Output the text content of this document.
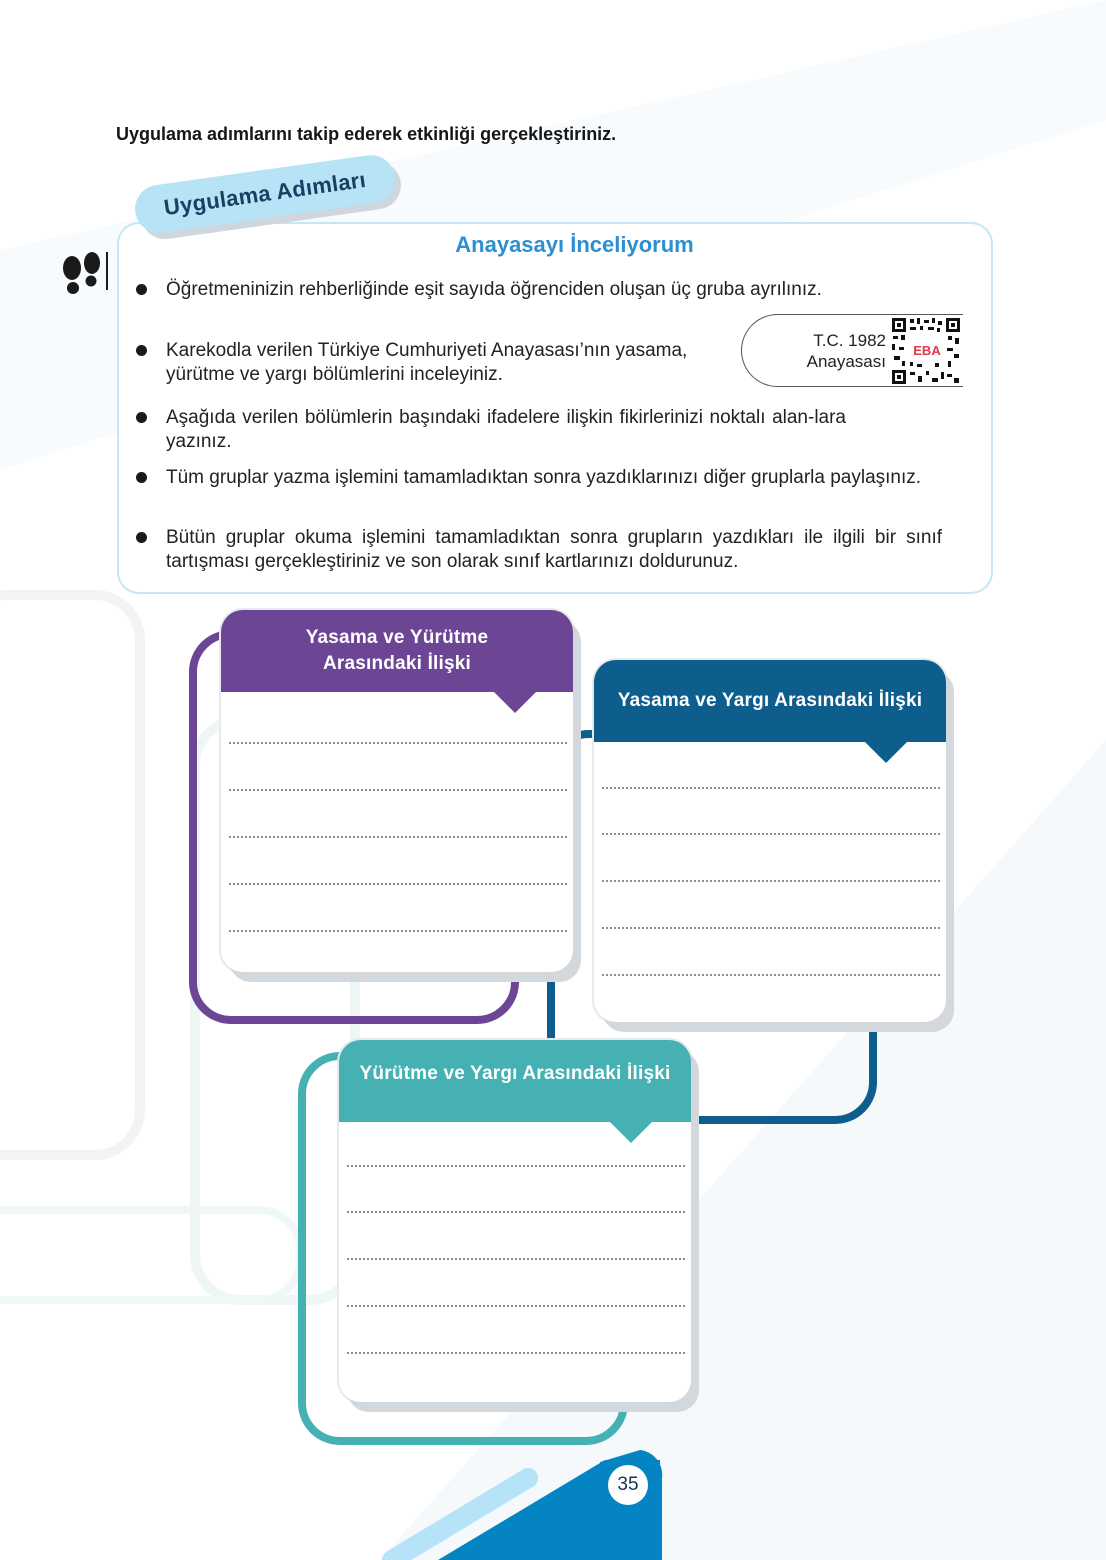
Uygulama adımlarını takip ederek etkinliği gerçekleştiriniz.
Uygulama Adımları
Anayasayı İnceliyorum
Öğretmeninizin rehberliğinde eşit sayıda öğrenciden oluşan üç gruba ayrılınız.
Karekodla verilen Türkiye Cumhuriyeti Anayasası’nın yasama, yürütme ve yargı bölümlerini inceleyiniz.
T.C. 1982
Anayasası
EBA
Aşağıda verilen bölümlerin başındaki ifadelere ilişkin fikirlerinizi noktalı alan-lara yazınız.
Tüm gruplar yazma işlemini tamamladıktan sonra yazdıklarınızı diğer gruplarla paylaşınız.
Bütün gruplar okuma işlemini tamamladıktan sonra grupların yazdıkları ile ilgili bir sınıf tartışması gerçekleştiriniz ve son olarak sınıf kartlarınızı doldurunuz.
Yasama ve Yürütme
Arasındaki İlişki
Yasama ve Yargı Arasındaki İlişki
Yürütme ve Yargı Arasındaki İlişki
35
